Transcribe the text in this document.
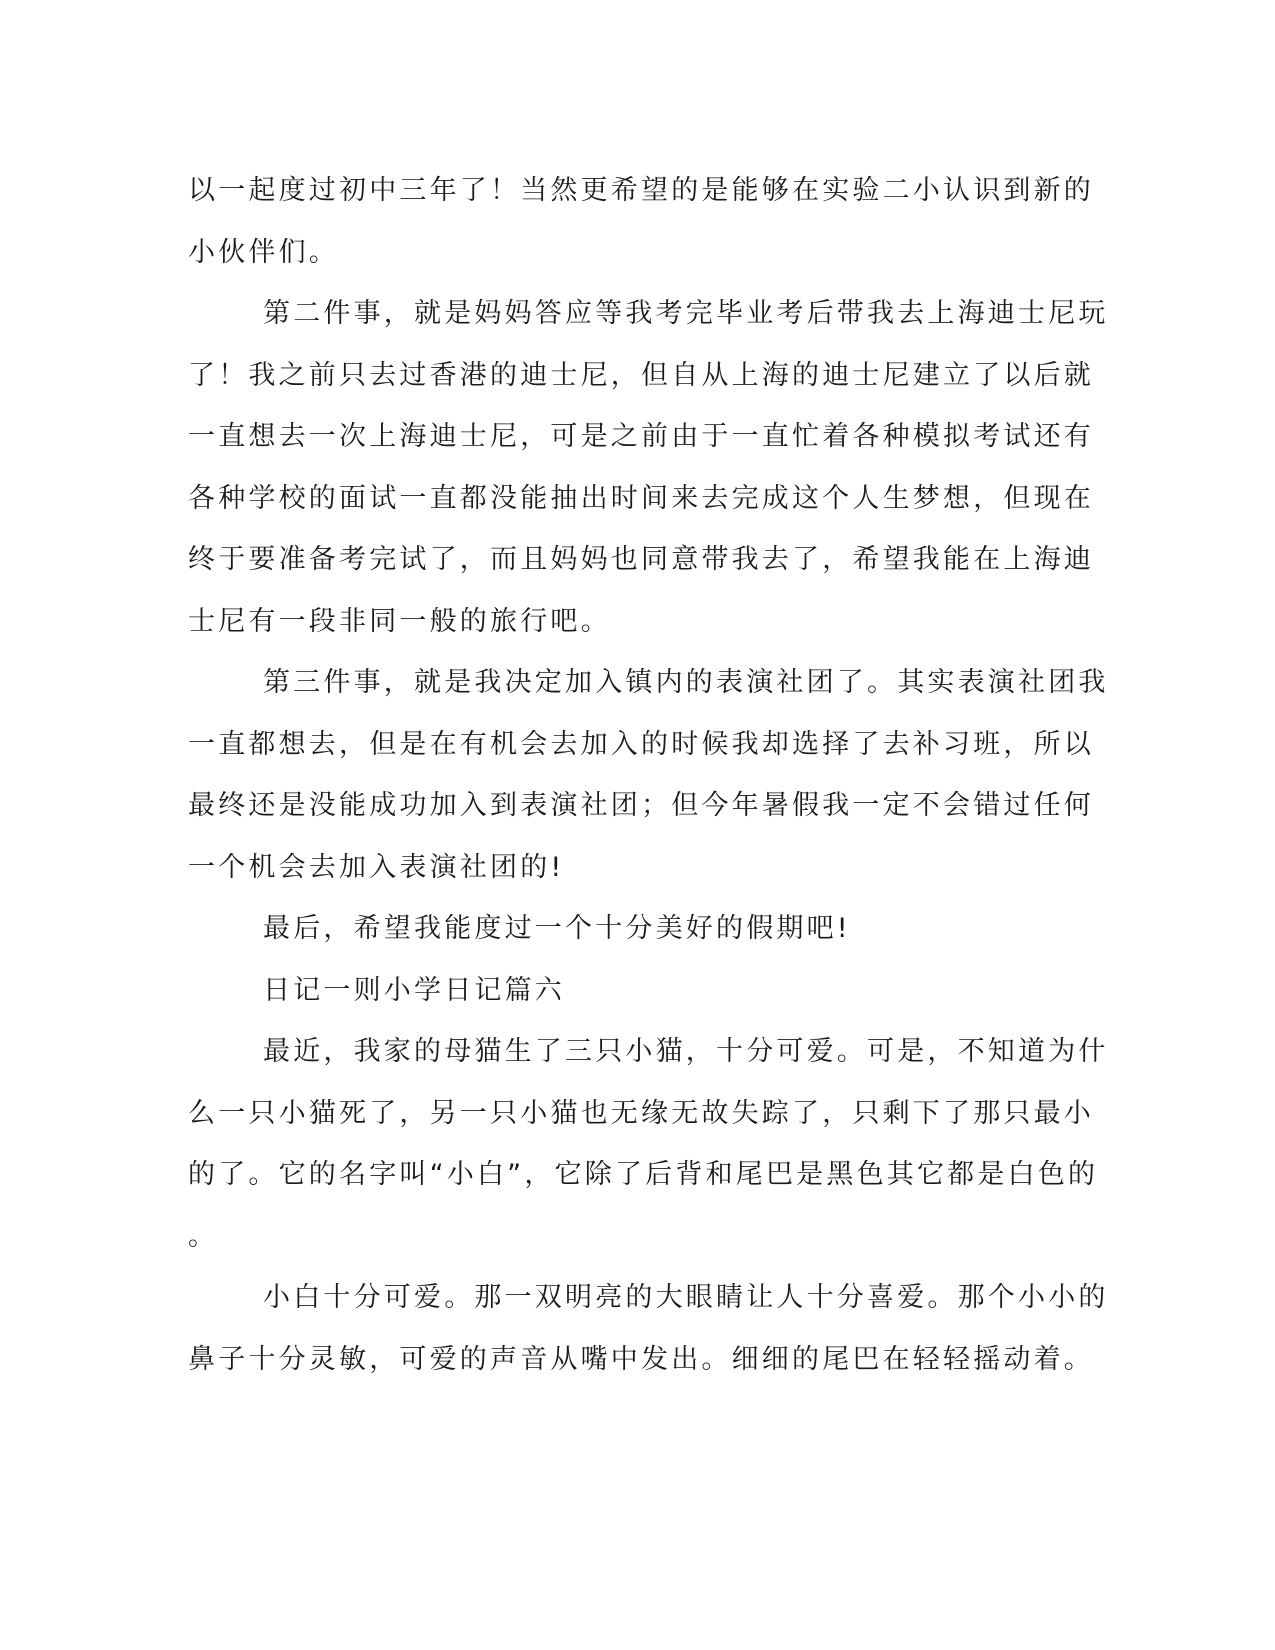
以一起度过初中三年了！当然更希望的是能够在实验二小认识到新的
小伙伴们。
第二件事，就是妈妈答应等我考完毕业考后带我去上海迪士尼玩
了！我之前只去过香港的迪士尼，但自从上海的迪士尼建立了以后就
一直想去一次上海迪士尼，可是之前由于一直忙着各种模拟考试还有
各种学校的面试一直都没能抽出时间来去完成这个人生梦想，但现在
终于要准备考完试了，而且妈妈也同意带我去了，希望我能在上海迪
士尼有一段非同一般的旅行吧。
第三件事，就是我决定加入镇内的表演社团了。其实表演社团我
一直都想去，但是在有机会去加入的时候我却选择了去补习班，所以
最终还是没能成功加入到表演社团；但今年暑假我一定不会错过任何
一个机会去加入表演社团的!
最后，希望我能度过一个十分美好的假期吧!
日记一则小学日记篇六
最近，我家的母猫生了三只小猫，十分可爱。可是，不知道为什
么一只小猫死了，另一只小猫也无缘无故失踪了，只剩下了那只最小
的了。它的名字叫“小白”，它除了后背和尾巴是黑色其它都是白色的
。
小白十分可爱。那一双明亮的大眼睛让人十分喜爱。那个小小的
鼻子十分灵敏，可爱的声音从嘴中发出。细细的尾巴在轻轻摇动着。
